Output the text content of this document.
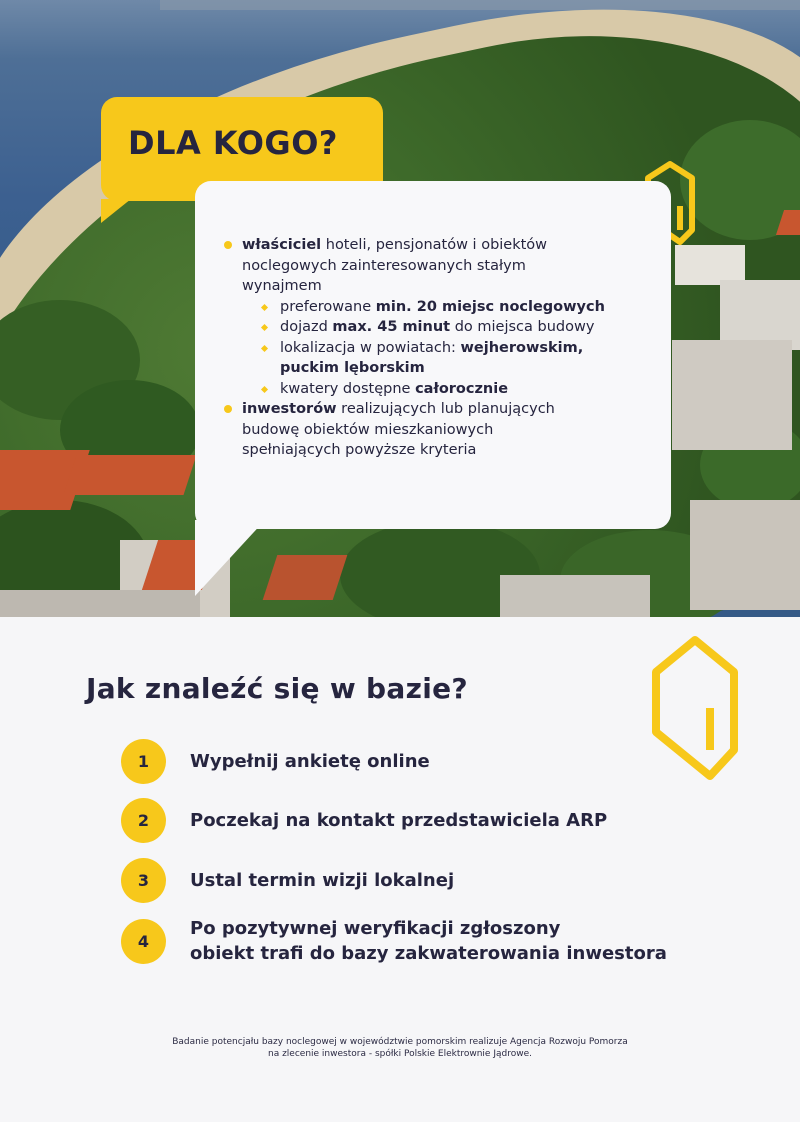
DLA KOGO?
właściciel hoteli, pensjonatów i obiektów
noclegowych zainteresowanych stałym
wynajmem
preferowane min. 20 miejsc noclegowych
dojazd max. 45 minut do miejsca budowy
lokalizacja w powiatach: wejherowskim,
puckim lęborskim
kwatery dostępne całorocznie
inwestorów realizujących lub planujących
budowę obiektów mieszkaniowych
spełniających powyższe kryteria
Jak znaleźć się w bazie?
1	Wypełnij ankietę online
2	Poczekaj na kontakt przedstawiciela ARP
3	Ustal termin wizji lokalnej
4
Po pozytywnej weryfikacji zgłoszony
obiekt trafi do bazy zakwaterowania inwestora
Badanie potencjału bazy noclegowej w województwie pomorskim realizuje Agencja Rozwoju Pomorza
na zlecenie inwestora - spółki Polskie Elektrownie Jądrowe.
